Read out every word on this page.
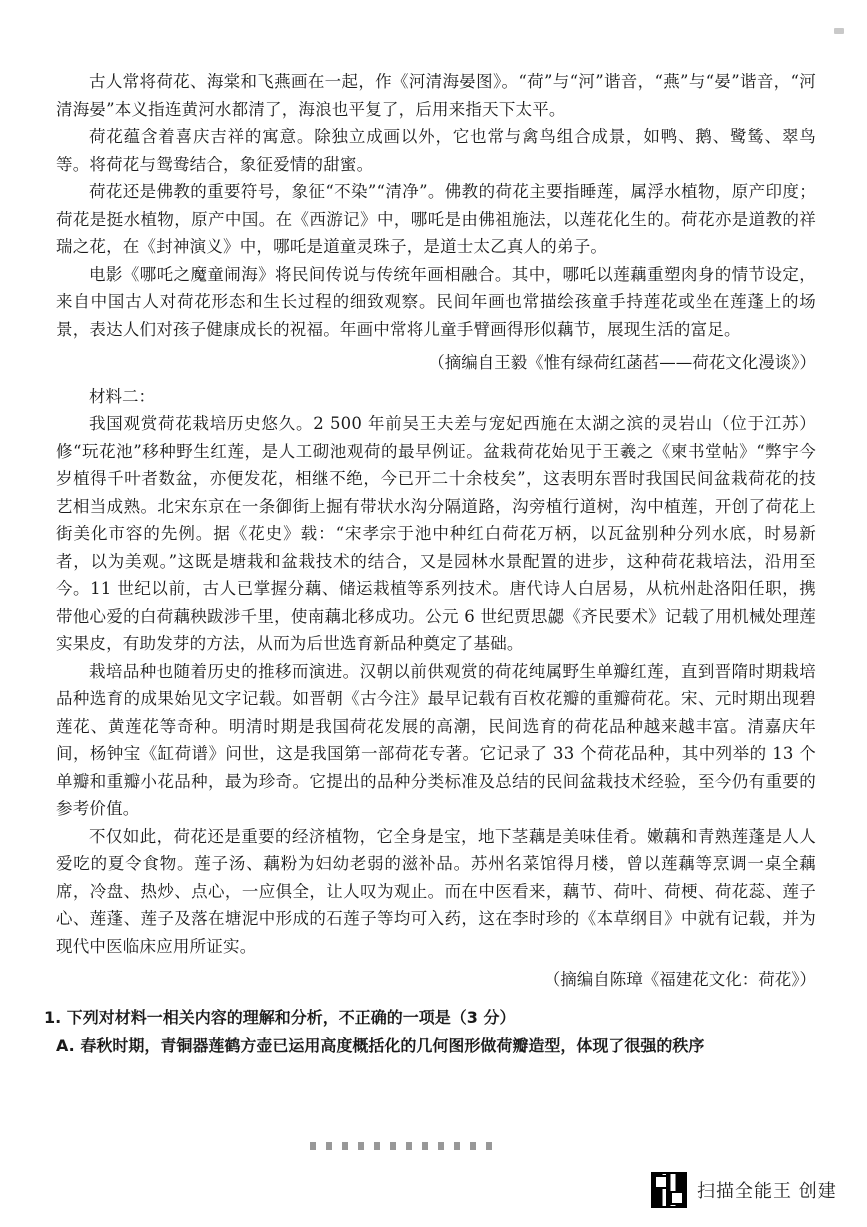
古人常将荷花、海棠和飞燕画在一起，作《河清海晏图》。“荷”与“河”谐音，“燕”与“晏”谐音，“河清海晏”本义指连黄河水都清了，海浪也平复了，后用来指天下太平。

荷花蕴含着喜庆吉祥的寓意。除独立成画以外，它也常与禽鸟组合成景，如鸭、鹅、鹭鸶、翠鸟等。将荷花与鸳鸯结合，象征爱情的甜蜜。

荷花还是佛教的重要符号，象征“不染”“清净”。佛教的荷花主要指睡莲，属浮水植物，原产印度；荷花是挺水植物，原产中国。在《西游记》中，哪吒是由佛祖施法，以莲花化生的。荷花亦是道教的祥瑞之花，在《封神演义》中，哪吒是道童灵珠子，是道士太乙真人的弟子。

电影《哪吒之魔童闹海》将民间传说与传统年画相融合。其中，哪吒以莲藕重塑肉身的情节设定，来自中国古人对荷花形态和生长过程的细致观察。民间年画也常描绘孩童手持莲花或坐在莲蓬上的场景，表达人们对孩子健康成长的祝福。年画中常将儿童手臂画得形似藕节，展现生活的富足。

（摘编自王毅《惟有绿荷红菡萏——荷花文化漫谈》）

材料二：

我国观赏荷花栽培历史悠久。2 500 年前吴王夫差与宠妃西施在太湖之滨的灵岩山（位于江苏）修“玩花池”移种野生红莲，是人工砌池观荷的最早例证。盆栽荷花始见于王羲之《柬书堂帖》“弊宇今岁植得千叶者数盆，亦便发花，相继不绝，今已开二十余枝矣”，这表明东晋时我国民间盆栽荷花的技艺相当成熟。北宋东京在一条御街上掘有带状水沟分隔道路，沟旁植行道树，沟中植莲，开创了荷花上街美化市容的先例。据《花史》载：“宋孝宗于池中种红白荷花万柄，以瓦盆别种分列水底，时易新者，以为美观。”这既是塘栽和盆栽技术的结合，又是园林水景配置的进步，这种荷花栽培法，沿用至今。11 世纪以前，古人已掌握分藕、储运栽植等系列技术。唐代诗人白居易，从杭州赴洛阳任职，携带他心爱的白荷藕秧跋涉千里，使南藕北移成功。公元 6 世纪贾思勰《齐民要术》记载了用机械处理莲实果皮，有助发芽的方法，从而为后世选育新品种奠定了基础。

栽培品种也随着历史的推移而演进。汉朝以前供观赏的荷花纯属野生单瓣红莲，直到晋隋时期栽培品种选育的成果始见文字记载。如晋朝《古今注》最早记载有百枚花瓣的重瓣荷花。宋、元时期出现碧莲花、黄莲花等奇种。明清时期是我国荷花发展的高潮，民间选育的荷花品种越来越丰富。清嘉庆年间，杨钟宝《缸荷谱》问世，这是我国第一部荷花专著。它记录了 33 个荷花品种，其中列举的 13 个单瓣和重瓣小花品种，最为珍奇。它提出的品种分类标准及总结的民间盆栽技术经验，至今仍有重要的参考价值。

不仅如此，荷花还是重要的经济植物，它全身是宝，地下茎藕是美味佳肴。嫩藕和青熟莲蓬是人人爱吃的夏令食物。莲子汤、藕粉为妇幼老弱的滋补品。苏州名菜馆得月楼，曾以莲藕等烹调一桌全藕席，冷盘、热炒、点心，一应俱全，让人叹为观止。而在中医看来，藕节、荷叶、荷梗、荷花蕊、莲子心、莲蓬、莲子及落在塘泥中形成的石莲子等均可入药，这在李时珍的《本草纲目》中就有记载，并为现代中医临床应用所证实。

（摘编自陈璋《福建花文化：荷花》）

1. 下列对材料一相关内容的理解和分析，不正确的一项是（3 分）

A. 春秋时期，青铜器莲鹤方壶已运用高度概括化的几何图形做荷瓣造型，体现了很强的秩序

扫描全能王 创建
